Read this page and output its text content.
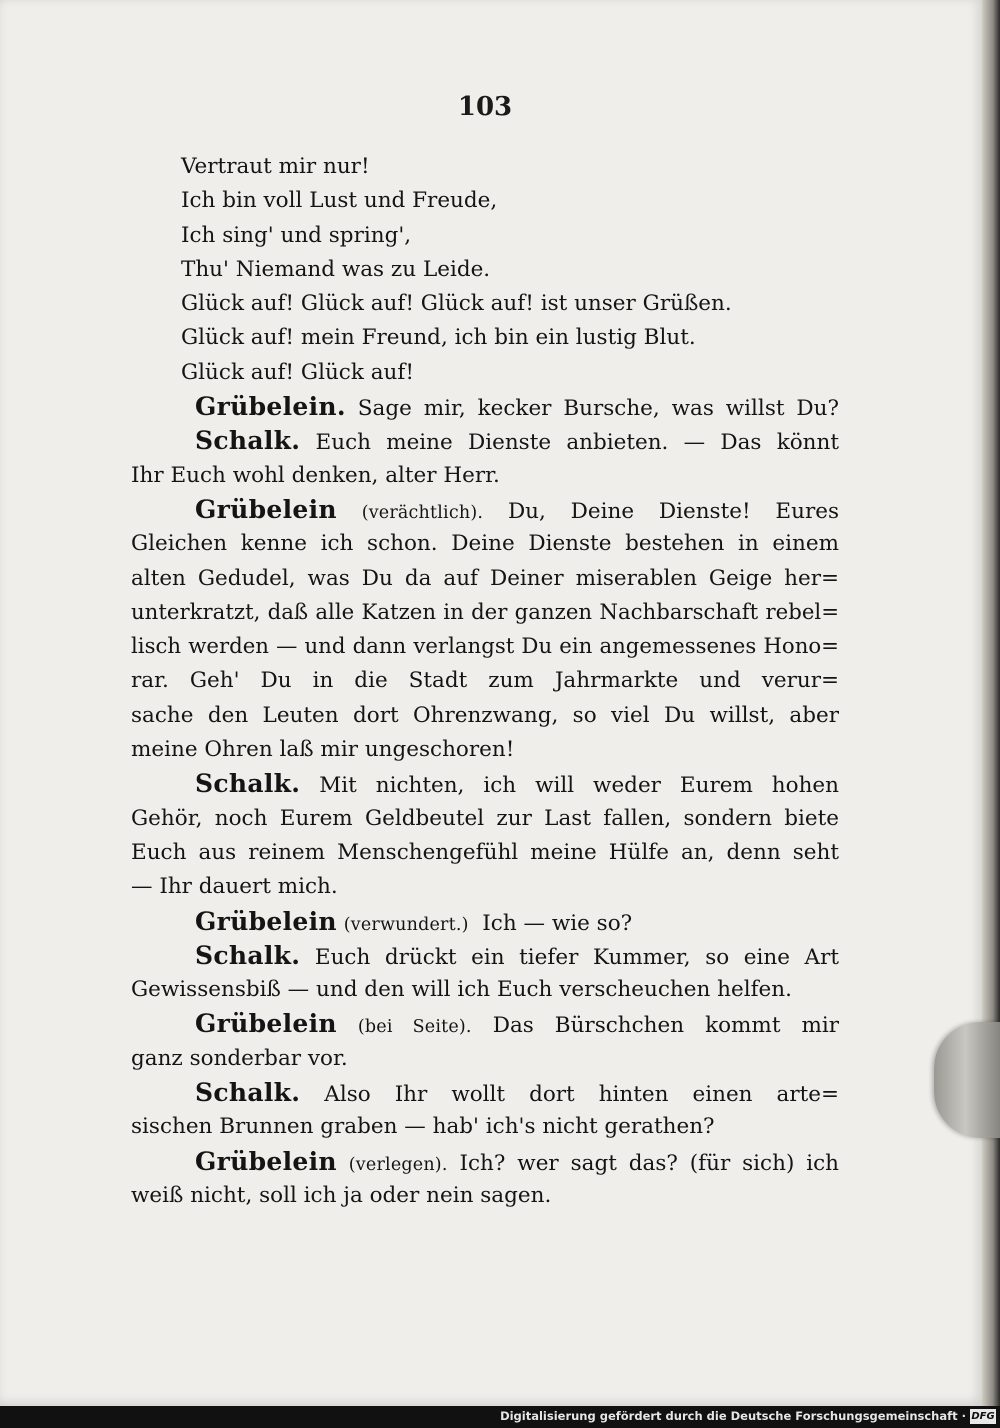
103
Vertraut mir nur!
Ich bin voll Lust und Freude,
Ich sing' und spring',
Thu' Niemand was zu Leide.
Glück auf! Glück auf! Glück auf! ist unser Grüßen.
Glück auf! mein Freund, ich bin ein lustig Blut.
Glück auf! Glück auf!
Grübelein. Sage mir, kecker Bursche, was willst Du?
Schalk. Euch meine Dienste anbieten. — Das könnt
Ihr Euch wohl denken, alter Herr.
Grübelein (verächtlich). Du, Deine Dienste! Eures
Gleichen kenne ich schon. Deine Dienste bestehen in einem
alten Gedudel, was Du da auf Deiner miserablen Geige her=
unterkratzt, daß alle Katzen in der ganzen Nachbarschaft rebel=
lisch werden — und dann verlangst Du ein angemessenes Hono=
rar. Geh' Du in die Stadt zum Jahrmarkte und verur=
sache den Leuten dort Ohrenzwang, so viel Du willst, aber
meine Ohren laß mir ungeschoren!
Schalk. Mit nichten, ich will weder Eurem hohen
Gehör, noch Eurem Geldbeutel zur Last fallen, sondern biete
Euch aus reinem Menschengefühl meine Hülfe an, denn seht
— Ihr dauert mich.
Grübelein (verwundert.) Ich — wie so?
Schalk. Euch drückt ein tiefer Kummer, so eine Art
Gewissensbiß — und den will ich Euch verscheuchen helfen.
Grübelein (bei Seite). Das Bürschchen kommt mir
ganz sonderbar vor.
Schalk. Also Ihr wollt dort hinten einen arte=
sischen Brunnen graben — hab' ich's nicht gerathen?
Grübelein (verlegen). Ich? wer sagt das? (für sich) ich
weiß nicht, soll ich ja oder nein sagen.
Digitalisierung gefördert durch die Deutsche Forschungsgemeinschaft · DFG
